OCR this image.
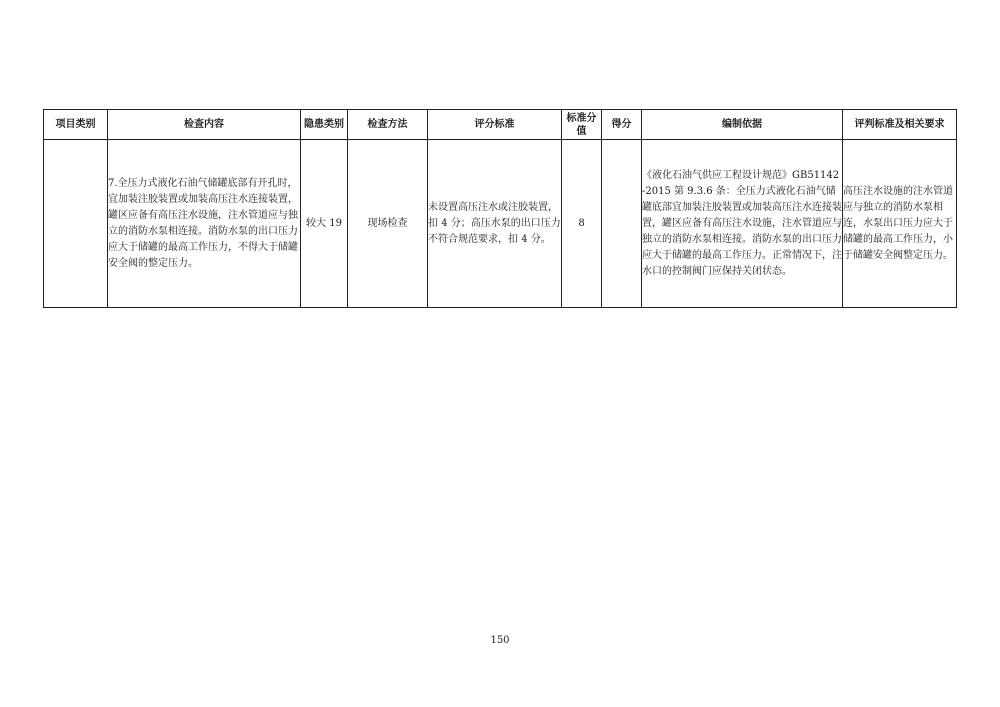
项目类别	检查内容	隐患类别	检查方法	评分标准	标准分值	得分	编制依据	评判标准及相关要求
	7.全压力式液化石油气储罐底部有开孔时，宜加装注胶装置或加装高压注水连接装置，罐区应备有高压注水设施，注水管道应与独立的消防水泵相连接。消防水泵的出口压力应大于储罐的最高工作压力，不得大于储罐安全阀的整定压力。	较大 19	现场检查	未设置高压注水或注胶装置，扣 4 分；高压水泵的出口压力不符合规范要求，扣 4 分。	8		《液化石油气供应工程设计规范》GB51142-2015 第 9.3.6 条：全压力式液化石油气储罐底部宜加装注胶装置或加装高压注水连接装置，罐区应备有高压注水设施，注水管道应与独立的消防水泵相连接。消防水泵的出口压力应大于储罐的最高工作压力。正常情况下，注水口的控制阀门应保持关闭状态。	高压注水设施的注水管道应与独立的消防水泵相连，水泵出口压力应大于储罐的最高工作压力，小于储罐安全阀整定压力。
150
